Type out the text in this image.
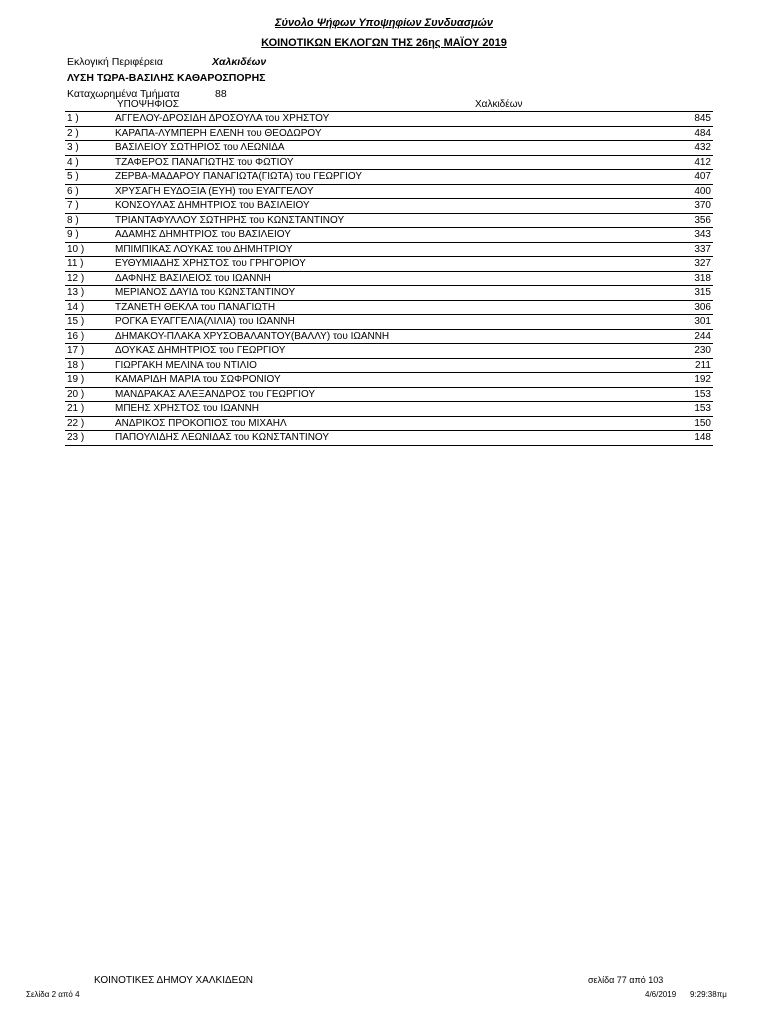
Σύνολο Ψήφων Υποψηφίων Συνδυασμών
ΚΟΙΝΟΤΙΚΩΝ ΕΚΛΟΓΩΝ ΤΗΣ 26ης ΜΑΪΟΥ 2019
Εκλογική Περιφέρεια	Χαλκιδέων
ΛΥΣΗ ΤΩΡΑ-ΒΑΣΙΛΗΣ ΚΑΘΑΡΟΣΠΟΡΗΣ
Καταχωρημένα Τμήματα	88
ΥΠΟΨΗΦΙΟΣ	Χαλκιδέων
1 )	ΑΓΓΕΛΟΥ-ΔΡΟΣΙΔΗ ΔΡΟΣΟΥΛΑ του ΧΡΗΣΤΟΥ	845
2 )	ΚΑΡΑΠΑ-ΛΥΜΠΕΡΗ ΕΛΕΝΗ του ΘΕΟΔΩΡΟΥ	484
3 )	ΒΑΣΙΛΕΙΟΥ ΣΩΤΗΡΙΟΣ του ΛΕΩΝΙΔΑ	432
4 )	ΤΖΑΦΕΡΟΣ ΠΑΝΑΓΙΩΤΗΣ του ΦΩΤΙΟΥ	412
5 )	ΖΕΡΒΑ-ΜΑΔΑΡΟΥ ΠΑΝΑΓΙΩΤΑ(ΓΙΩΤΑ) του ΓΕΩΡΓΙΟΥ	407
6 )	ΧΡΥΣΑΓΗ ΕΥΔΟΞΙΑ (ΕΥΗ) του ΕΥΑΓΓΕΛΟΥ	400
7 )	ΚΟΝΣΟΥΛΑΣ ΔΗΜΗΤΡΙΟΣ του ΒΑΣΙΛΕΙΟΥ	370
8 )	ΤΡΙΑΝΤΑΦΥΛΛΟΥ ΣΩΤΗΡΗΣ του ΚΩΝΣΤΑΝΤΙΝΟΥ	356
9 )	ΑΔΑΜΗΣ ΔΗΜΗΤΡΙΟΣ του ΒΑΣΙΛΕΙΟΥ	343
10 )	ΜΠΙΜΠΙΚΑΣ ΛΟΥΚΑΣ του ΔΗΜΗΤΡΙΟΥ	337
11 )	ΕΥΘΥΜΙΑΔΗΣ ΧΡΗΣΤΟΣ του ΓΡΗΓΟΡΙΟΥ	327
12 )	ΔΑΦΝΗΣ ΒΑΣΙΛΕΙΟΣ του ΙΩΑΝΝΗ	318
13 )	ΜΕΡΙΑΝΟΣ ΔΑΥΙΔ του ΚΩΝΣΤΑΝΤΙΝΟΥ	315
14 )	ΤΖΑΝΕΤΗ ΘΕΚΛΑ του ΠΑΝΑΓΙΩΤΗ	306
15 )	ΡΟΓΚΑ ΕΥΑΓΓΕΛΙΑ(ΛΙΛΙΑ) του ΙΩΑΝΝΗ	301
16 )	ΔΗΜΑΚΟΥ-ΠΛΑΚΑ ΧΡΥΣΟΒΑΛΑΝΤΟΥ(ΒΑΛΛΥ) του ΙΩΑΝΝΗ	244
17 )	ΔΟΥΚΑΣ ΔΗΜΗΤΡΙΟΣ του ΓΕΩΡΓΙΟΥ	230
18 )	ΓΙΩΡΓΑΚΗ ΜΕΛΙΝΑ του ΝΤΙΛΙΟ	211
19 )	ΚΑΜΑΡΙΔΗ ΜΑΡΙΑ του ΣΩΦΡΟΝΙΟΥ	192
20 )	ΜΑΝΔΡΑΚΑΣ ΑΛΕΞΑΝΔΡΟΣ του ΓΕΩΡΓΙΟΥ	153
21 )	ΜΠΕΗΣ ΧΡΗΣΤΟΣ του ΙΩΑΝΝΗ	153
22 )	ΑΝΔΡΙΚΟΣ ΠΡΟΚΟΠΙΟΣ του ΜΙΧΑΗΛ	150
23 )	ΠΑΠΟΥΛΙΔΗΣ ΛΕΩΝΙΔΑΣ του ΚΩΝΣΤΑΝΤΙΝΟΥ	148
ΚΟΙΝΟΤΙΚΕΣ ΔΗΜΟΥ ΧΑΛΚΙΔΕΩΝ	σελίδα 77 από 103
Σελίδα 2 από 4	4/6/2019 9:29:38πμ
